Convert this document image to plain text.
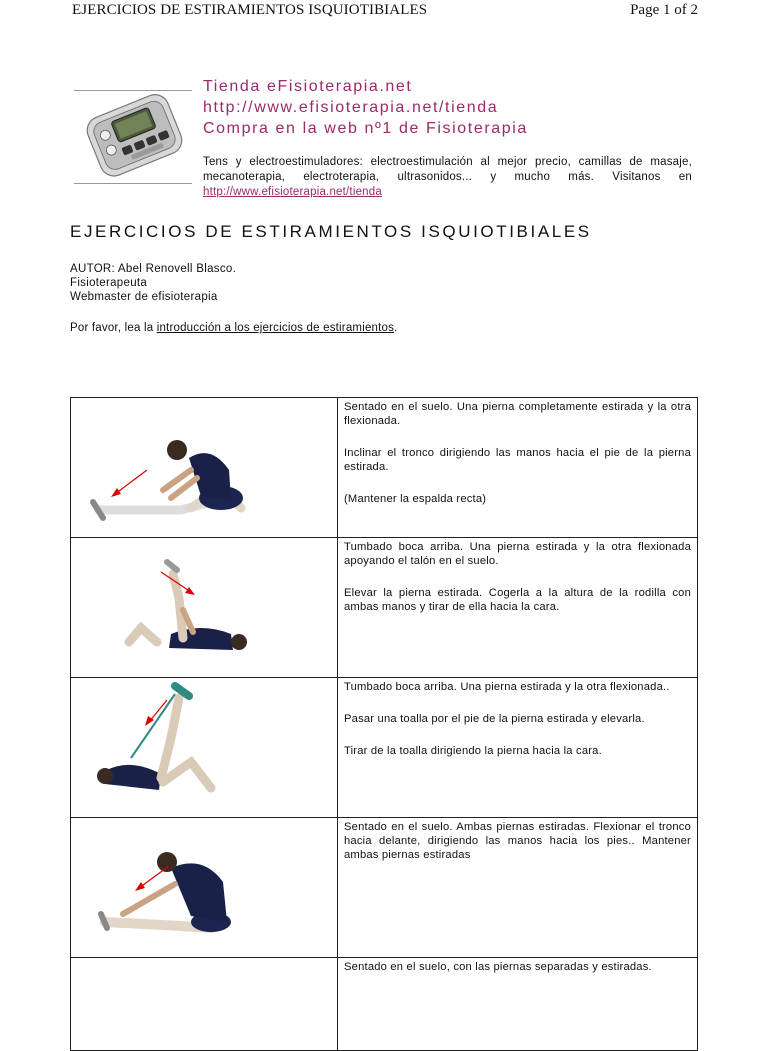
EJERCICIOS DE ESTIRAMIENTOS ISQUIOTIBIALES	Page 1 of 2
Tienda eFisioterapia.net
http://www.efisioterapia.net/tienda
Compra en la web nº1 de Fisioterapia
Tens y electroestimuladores: electroestimulación al mejor precio, camillas de masaje, mecanoterapia, electroterapia, ultrasonidos... y mucho más. Visitanos en http://www.efisioterapia.net/tienda
EJERCICIOS DE ESTIRAMIENTOS ISQUIOTIBIALES
AUTOR: Abel Renovell Blasco.
Fisioterapeuta
Webmaster de efisioterapia
Por favor, lea la introducción a los ejercicios de estiramientos.

Sentado en el suelo. Una pierna completamente estirada y la otra flexionada.

Inclinar el tronco dirigiendo las manos hacia el pie de la pierna estirada.

(Mantener la espalda recta)

Tumbado boca arriba. Una pierna estirada y la otra flexionada apoyando el talón en el suelo.

Elevar la pierna estirada. Cogerla a la altura de la rodilla con ambas manos y tirar de ella hacia la cara.

Tumbado boca arriba. Una pierna estirada y la otra flexionada..

Pasar una toalla por el pie de la pierna estirada y elevarla.

Tirar de la toalla dirigiendo la pierna hacia la cara.

Sentado en el suelo. Ambas piernas estiradas. Flexionar el tronco hacia delante, dirigiendo las manos hacia los pies.. Mantener ambas piernas estiradas

	Sentado en el suelo, con las piernas separadas y estiradas.
